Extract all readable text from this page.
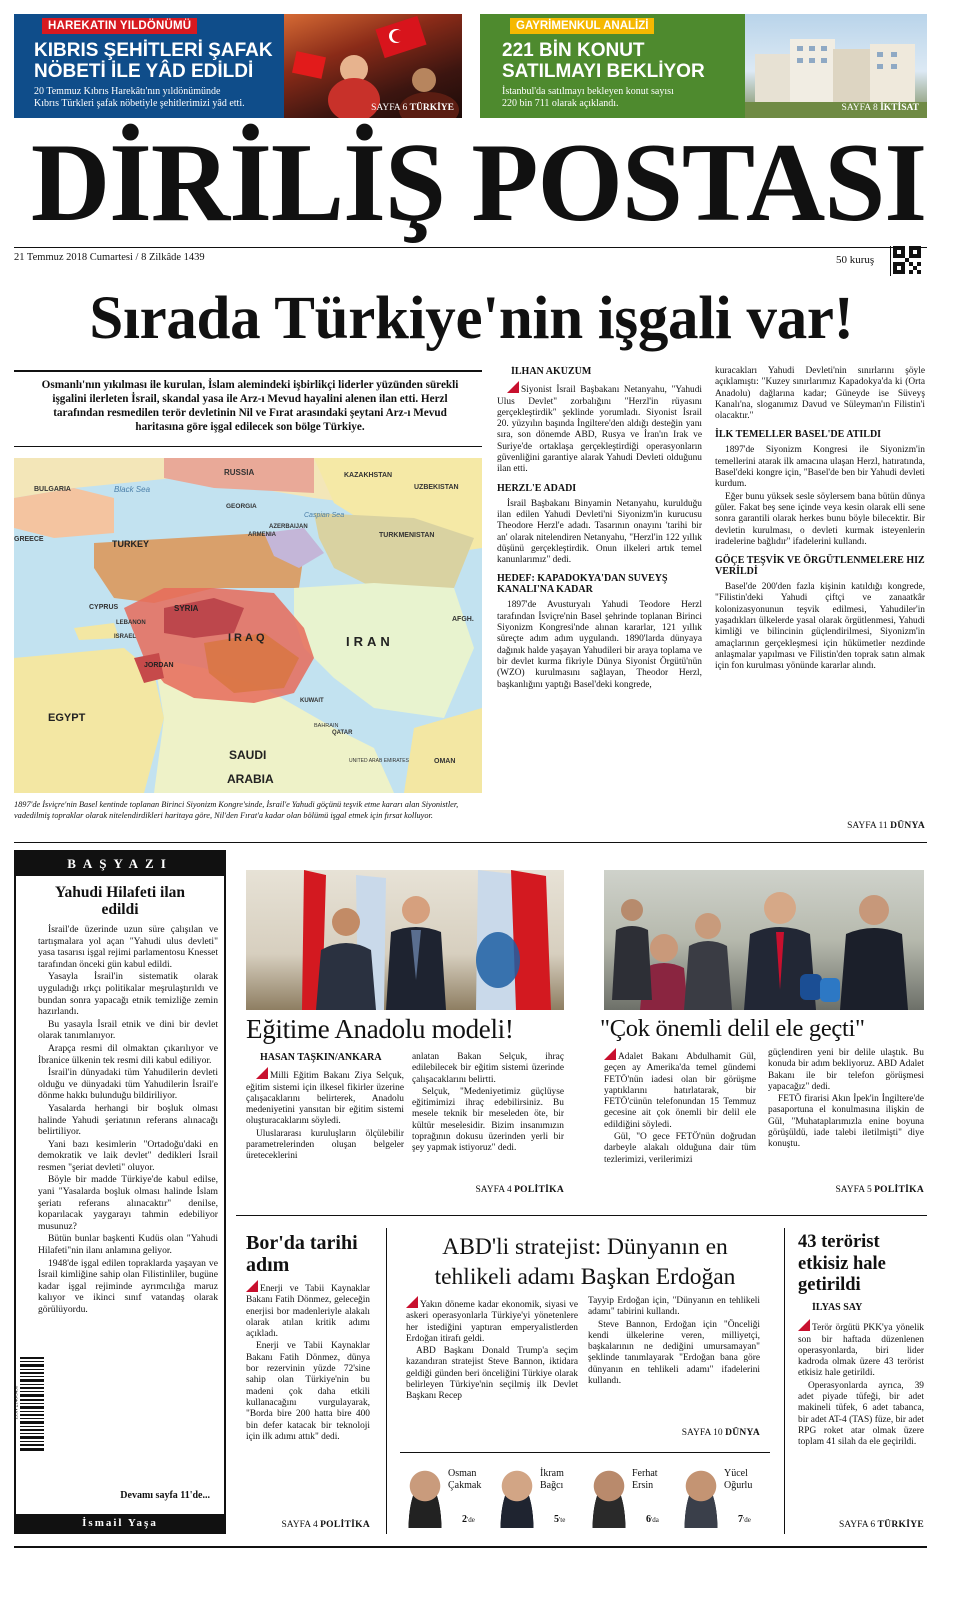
HAREKATIN YILDÖNÜMÜ
KIBRIS ŞEHİTLERİ ŞAFAK
NÖBETİ İLE YÂD EDİLDİ
20 Temmuz Kıbrıs Harekâtı'nın yıldönümünde
Kıbrıs Türkleri şafak nöbetiyle şehitlerimizi yâd etti.	SAYFA 6 TÜRKİYE
GAYRİMENKUL ANALİZİ
221 BİN KONUT
SATILMAYI BEKLİYOR
İstanbul'da satılmayı bekleyen konut sayısı
220 bin 711 olarak açıklandı.	SAYFA 8 İKTİSAT
DİRİLİŞ POSTASI
21 Temmuz 2018 Cumartesi / 8 Zilkâde 1439	50 kuruş
Sırada Türkiye'nin işgali var!
Osmanlı'nın yıkılması ile kurulan, İslam alemindeki işbirlikçi liderler yüzünden sürekli işgalini ilerleten İsrail, skandal yasa ile Arz-ı Mevud hayalini alenen ilan etti. Herzl tarafından resmedilen terör devletinin Nil ve Fırat arasındaki şeytani Arz-ı Mevud haritasına göre işgal edilecek son bölge Türkiye.
RUSSIA	KAZAKHSTAN
UZBEKISTAN
BULGARIA	Black Sea
GEORGIA
AZERBAIJAN
ARMENIA	TURKMENISTAN
GREECE	TURKEY
Caspian Sea
CYPRUS	SYRIA
LEBANON
ISRAEL
JORDAN
IRAQ	IRAN
AFGH.
EGYPT
KUWAIT
BAHRAIN
QATAR
SAUDI
ARABIA
UNITED ARAB EMIRATES	OMAN
1897'de İsviçre'nin Basel kentinde toplanan Birinci Siyonizm Kongre'sinde, İsrail'e Yahudi göçünü teşvik etme kararı alan Siyonistler, vadedilmiş topraklar olarak nitelendirdikleri haritaya göre, Nil'den Fırat'a kadar olan bölümü işgal etmek için fırsat kolluyor.
İLHAN AKÜZÜM

Siyonist İsrail Başbakanı Netanyahu, "Yahudi Ulus Devlet" zorbalığını "Herzl'in rüyasını gerçekleştirdik" şeklinde yorumladı. Siyonist İsrail 20. yüzyılın başında İngiltere'den aldığı desteğin yanı sıra, son dönemde ABD, Rusya ve İran'ın Irak ve Suriye'de ortaklaşa gerçekleştirdiği operasyonların güvenliğini garantiye alarak Yahudi Devleti olduğunu ilan etti.

HERZL'E ADADI

İsrail Başbakanı Binyamin Netanyahu, kurulduğu ilan edilen Yahudi Devleti'ni Siyonizm'in kurucusu Theodore Herzl'e adadı. Tasarının onayını 'tarihi bir an' olarak nitelendiren Netanyahu, "Herzl'in 122 yıllık düşünü gerçekleştirdik. Onun ilkeleri artık temel kanunlarımız" dedi.

HEDEF: KAPADOKYA'DAN SUVEYŞ KANALI'NA KADAR

1897'de Avusturyalı Yahudi Teodore Herzl tarafından İsviçre'nin Basel şehrinde toplanan Birinci Siyonizm Kongresi'nde alınan kararlar, 121 yıllık süreçte adım adım uygulandı. 1890'larda dünyaya dağınık halde yaşayan Yahudileri bir araya toplama ve bir devlet kurma fikriyle Dünya Siyonist Örgütü'nün (WZO) kurulmasını sağlayan, Theodor Herzl, başkanlığını yaptığı Basel'deki kongrede,

kuracakları Yahudi Devleti'nin sınırlarını şöyle açıklamıştı: "Kuzey sınırlarımız Kapadokya'da ki (Orta Anadolu) dağlarına kadar; Güneyde ise Süveyş Kanalı'na, sloganımız Davud ve Süleyman'ın Filistin'i olacaktır."

İLK TEMELLER BASEL'DE ATILDI

1897'de Siyonizm Kongresi ile Siyonizm'in temellerini atarak ilk amacına ulaşan Herzl, hatıratında, Basel'deki kongre için, "Basel'de ben bir Yahudi devleti kurdum.

Eğer bunu yüksek sesle söylersem bana bütün dünya güler. Fakat beş sene içinde veya kesin olarak elli sene sonra garantili olarak herkes bunu böyle bilecektir. Bir devletin kurulması, o devleti kurmak isteyenlerin iradelerine bağlıdır" ifadelerini kullandı.

GÖÇE TEŞVİK VE ÖRGÜTLENMELERE HIZ VERİLDİ

Basel'de 200'den fazla kişinin katıldığı kongrede, "Filistin'deki Yahudi çiftçi ve zanaatkâr kolonizasyonunun teşvik edilmesi, Yahudiler'in yaşadıkları ülkelerde yasal olarak örgütlenmesi, Yahudi kimliği ve bilincinin güçlendirilmesi, Siyonizm'in amaçlarının gerçekleşmesi için hükümetler nezdinde anlaşmalar yapılması ve Filistin'den toprak satın almak için fon kurulması yönünde kararlar alındı.

SAYFA 11 DÜNYA
BAŞYAZI
Yahudi Hilafeti ilan edildi
ISSN 2146-9490

İsrail'de üzerinde uzun süre çalışılan ve tartışmalara yol açan "Yahudi ulus devleti" yasa tasarısı işgal rejimi parlamentosu Knesset tarafından önceki gün kabul edildi.

Yasayla İsrail'in sistematik olarak uyguladığı ırkçı politikalar meşrulaştırıldı ve bundan sonra yapacağı etnik temizliğe zemin hazırlandı.

Bu yasayla İsrail etnik ve dini bir devlet olarak tanımlanıyor.

Arapça resmi dil olmaktan çıkarılıyor ve İbranice ülkenin tek resmi dili kabul ediliyor.

İsrail'in dünyadaki tüm Yahudilerin devleti olduğu ve dünyadaki tüm Yahudilerin İsrail'e dönme hakkı bulunduğu bildiriliyor.

Yasalarda herhangi bir boşluk olması halinde Yahudi şeriatının referans alınacağı belirtiliyor.

Yani bazı kesimlerin "Ortadoğu'daki en demokratik ve laik devlet" dedikleri İsrail resmen "şeriat devleti" oluyor.

Böyle bir madde Türkiye'de kabul edilse, yani "Yasalarda boşluk olması halinde İslam şeriatı referans alınacaktır" denilse, koparılacak yaygarayı tahmin edebiliyor musunuz?

Bütün bunlar başkenti Kudüs olan "Yahudi Hilafeti"nin ilanı anlamına geliyor.

1948'de işgal edilen topraklarda yaşayan ve İsrail kimliğine sahip olan Filistinliler, bugüne kadar işgal rejiminde ayrımcılığa maruz kalıyor ve ikinci sınıf vatandaş olarak görülüyordu.

Devamı sayfa 11'de...
İsmail Yaşa
Eğitime Anadolu modeli!
HASAN TAŞKIN/ANKARA

Milli Eğitim Bakanı Ziya Selçuk, eğitim sistemi için ilkesel fikirler üzerine çalışacaklarını belirterek, Anadolu medeniyetini yansıtan bir eğitim sistemi oluşturacaklarını söyledi.

Uluslararası kuruluşların ölçülebilir parametrelerinden oluşan belgeler üreteceklerini

anlatan Bakan Selçuk, ihraç edilebilecek bir eğitim sistemi üzerinde çalışacaklarını belirtti.

Selçuk, "Medeniyetimiz güçlüyse eğitimimizi ihraç edebilirsiniz. Bu mesele teknik bir meseleden öte, bir kültür meselesidir. Bizim insanımızın toprağının dokusu üzerinden yerli bir şey yapmak istiyoruz" dedi.

SAYFA 4 POLİTİKA
"Çok önemli delil ele geçti"

Adalet Bakanı Abdulhamit Gül, geçen ay Amerika'da temel gündemi FETÖ'nün iadesi olan bir görüşme yaptıklarını hatırlatarak, bir FETÖ'cünün telefonundan 15 Temmuz gecesine ait çok önemli bir delil ele edildiğini söyledi.

Gül, "O gece FETÖ'nün doğrudan darbeyle alakalı olduğuna dair tüm tezlerimizi, verilerimizi

güçlendiren yeni bir delile ulaştık. Bu konuda bir adım bekliyoruz. ABD Adalet Bakanı ile bir telefon görüşmesi yapacağız" dedi.

FETÖ firarisi Akın İpek'in İngiltere'de pasaportuna el konulmasına ilişkin de Gül, "Muhataplarımızla enine boyuna görüşüldü, iade talebi iletilmişti" diye konuştu.

SAYFA 5 POLİTİKA
Bor'da tarihi adım

Enerji ve Tabii Kaynaklar Bakanı Fatih Dönmez, geleceğin enerjisi bor madenleriyle alakalı olarak atılan kritik adımı açıkladı.

Enerji ve Tabii Kaynaklar Bakanı Fatih Dönmez, dünya bor rezervinin yüzde 72'sine sahip olan Türkiye'nin bu madeni çok daha etkili kullanacağını vurgulayarak, "Borda bire 200 hatta bire 400 bin defer katacak bir teknoloji için ilk adımı attık" dedi.

SAYFA 4 POLİTİKA
ABD'li stratejist: Dünyanın en
tehlikeli adamı Başkan Erdoğan

Yakın döneme kadar ekonomik, siyasi ve askeri operasyonlarla Türkiye'yi yönetenlere her istediğini yaptıran emperyalistlerden Erdoğan itirafı geldi.

ABD Başkanı Donald Trump'a seçim kazandıran stratejist Steve Bannon, iktidara geldiği günden beri önceliğini Türkiye olarak belirleyen Türkiye'nin seçilmiş ilk Devlet Başkanı Recep

Tayyip Erdoğan için, "Dünyanın en tehlikeli adamı" tabirini kullandı.

Steve Bannon, Erdoğan için "Önceliği kendi ülkelerine veren, milliyetçi, başkalarının ne dediğini umursamayan" şeklinde tanımlayarak "Erdoğan bana göre dünyanın en tehlikeli adamı" ifadelerini kullandı.

SAYFA 10 DÜNYA
Osman
Çakmak
2'de
İkram
Bağcı
5'te
Ferhat
Ersin
6'da
Yücel
Oğurlu
7'de
43 terörist etkisiz hale getirildi
İLYAS SAY

Terör örgütü PKK'ya yönelik son bir haftada düzenlenen operasyonlarda, biri lider kadroda olmak üzere 43 terörist etkisiz hale getirildi.

Operasyonlarda ayrıca, 39 adet piyade tüfeği, bir adet makineli tüfek, 6 adet tabanca, bir adet AT-4 (TAS) füze, bir adet RPG roket atar olmak üzere toplam 41 silah da ele geçirildi.

SAYFA 6 TÜRKİYE
